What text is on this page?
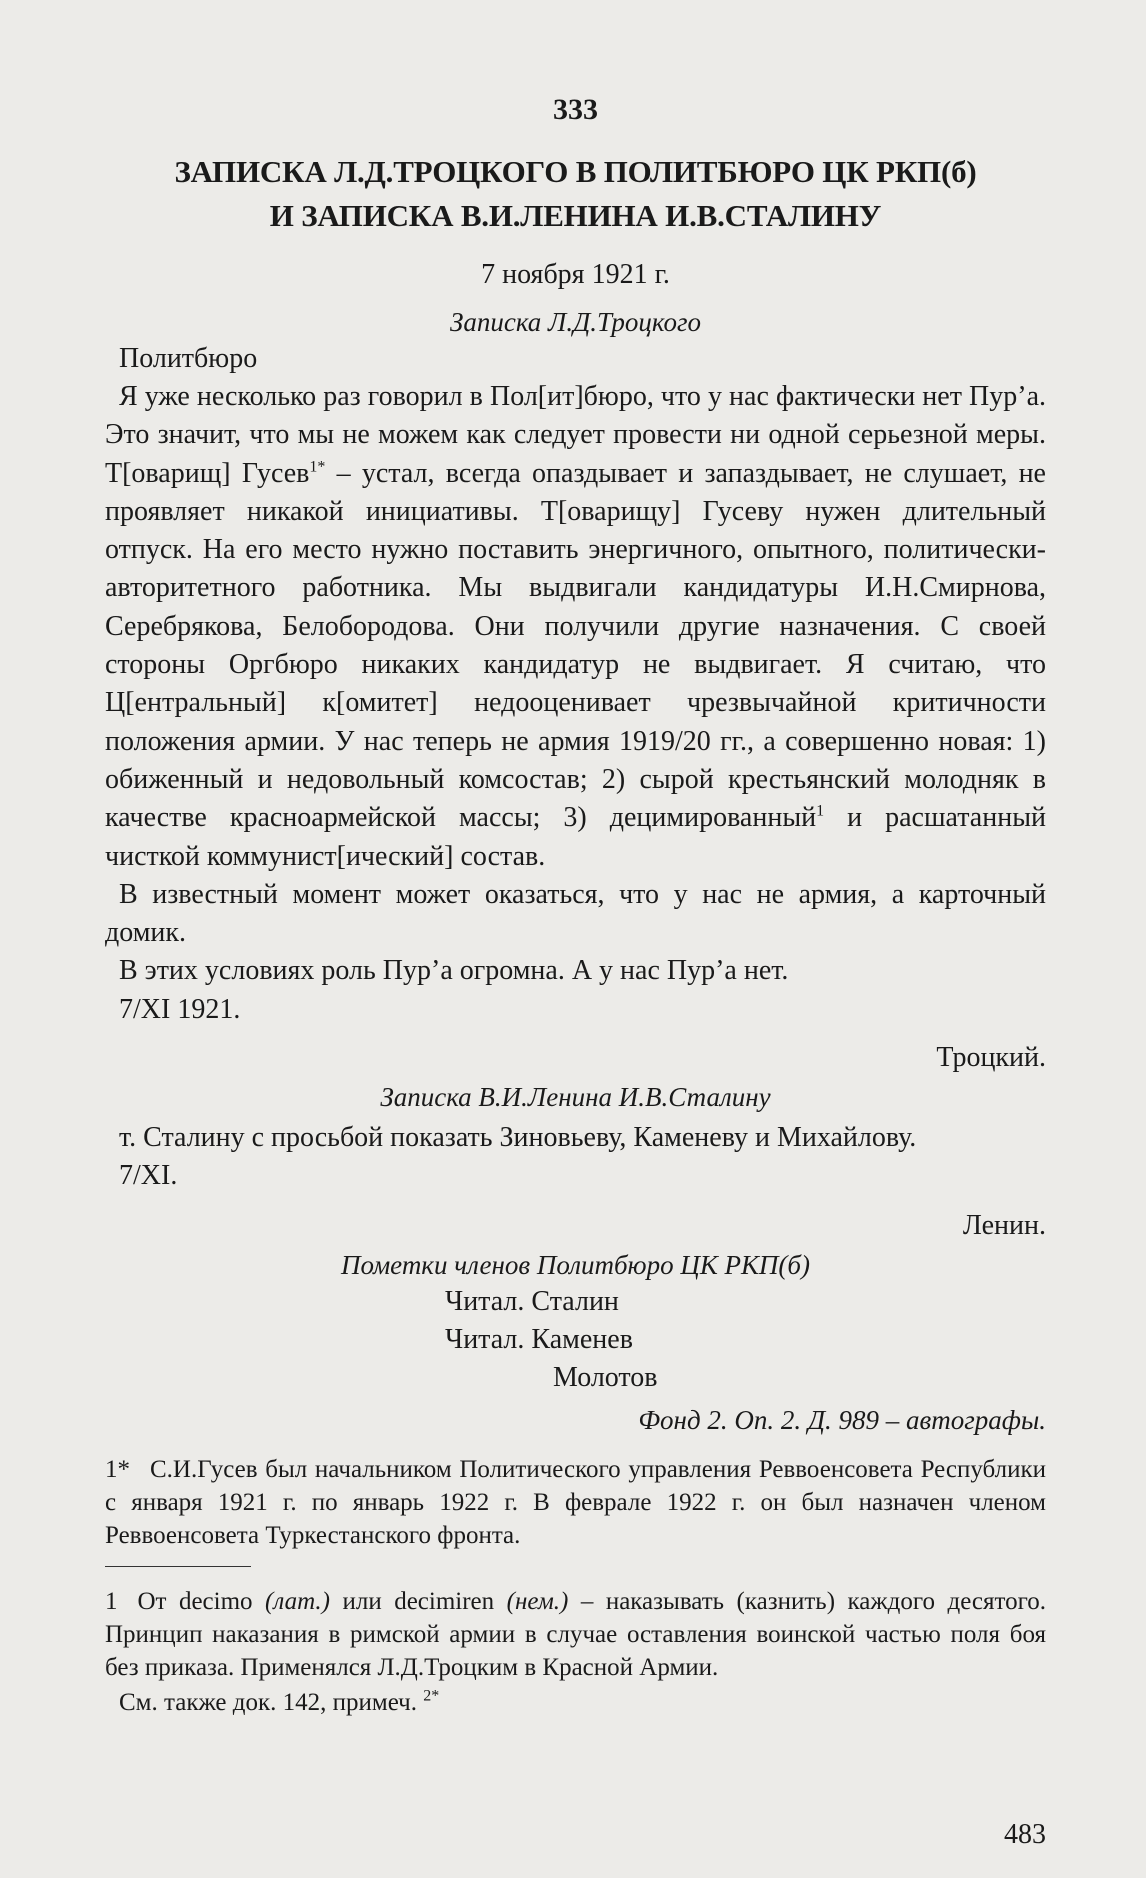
333

ЗАПИСКА Л.Д.ТРОЦКОГО В ПОЛИТБЮРО ЦК РКП(б)
И ЗАПИСКА В.И.ЛЕНИНА И.В.СТАЛИНУ

7 ноября 1921 г.

Записка Л.Д.Троцкого

Политбюро

Я уже несколько раз говорил в Пол[ит]бюро, что у нас фактически нет Пур’а. Это значит, что мы не можем как следует провести ни одной серьезной меры. Т[оварищ] Гусев$^{1*}$ – устал, всегда опаздывает и запаздывает, не слушает, не проявляет никакой инициативы. Т[оварищу] Гусеву нужен длительный отпуск. На его место нужно поставить энергичного, опытного, политически-авторитетного работника. Мы выдвигали кандидатуры И.Н.Смирнова, Серебрякова, Белобородова. Они получили другие назначения. С своей стороны Оргбюро никаких кандидатур не выдвигает. Я считаю, что Ц[ентральный] к[омитет] недооценивает чрезвычайной критичности положения армии. У нас теперь не армия 1919/20 гг., а совершенно новая: 1) обиженный и недовольный комсостав; 2) сырой крестьянский молодняк в качестве красноармейской массы; 3) децимированный$^1$ и расшатанный чисткой коммунист[ический] состав.

В известный момент может оказаться, что у нас не армия, а карточный домик.

В этих условиях роль Пур’а огромна. А у нас Пур’а нет.

7/XI 1921.

Троцкий.

Записка В.И.Ленина И.В.Сталину

т. Сталину с просьбой показать Зиновьеву, Каменеву и Михайлову.

7/XI.

Ленин.

Пометки членов Политбюро ЦК РКП(б)

Читал. Сталин
Читал. Каменев
Молотов

Фонд 2. Оп. 2. Д. 989 – автографы.

1* С.И.Гусев был начальником Политического управления Реввоенсовета Республики с января 1921 г. по январь 1922 г. В феврале 1922 г. он был назначен членом Реввоенсовета Туркестанского фронта.

1 От decimo (лат.) или decimiren (нем.) – наказывать (казнить) каждого десятого. Принцип наказания в римской армии в случае оставления воинской частью поля боя без приказа. Применялся Л.Д.Троцким в Красной Армии.

См. также док. 142, примеч. $^{2*}$

483
